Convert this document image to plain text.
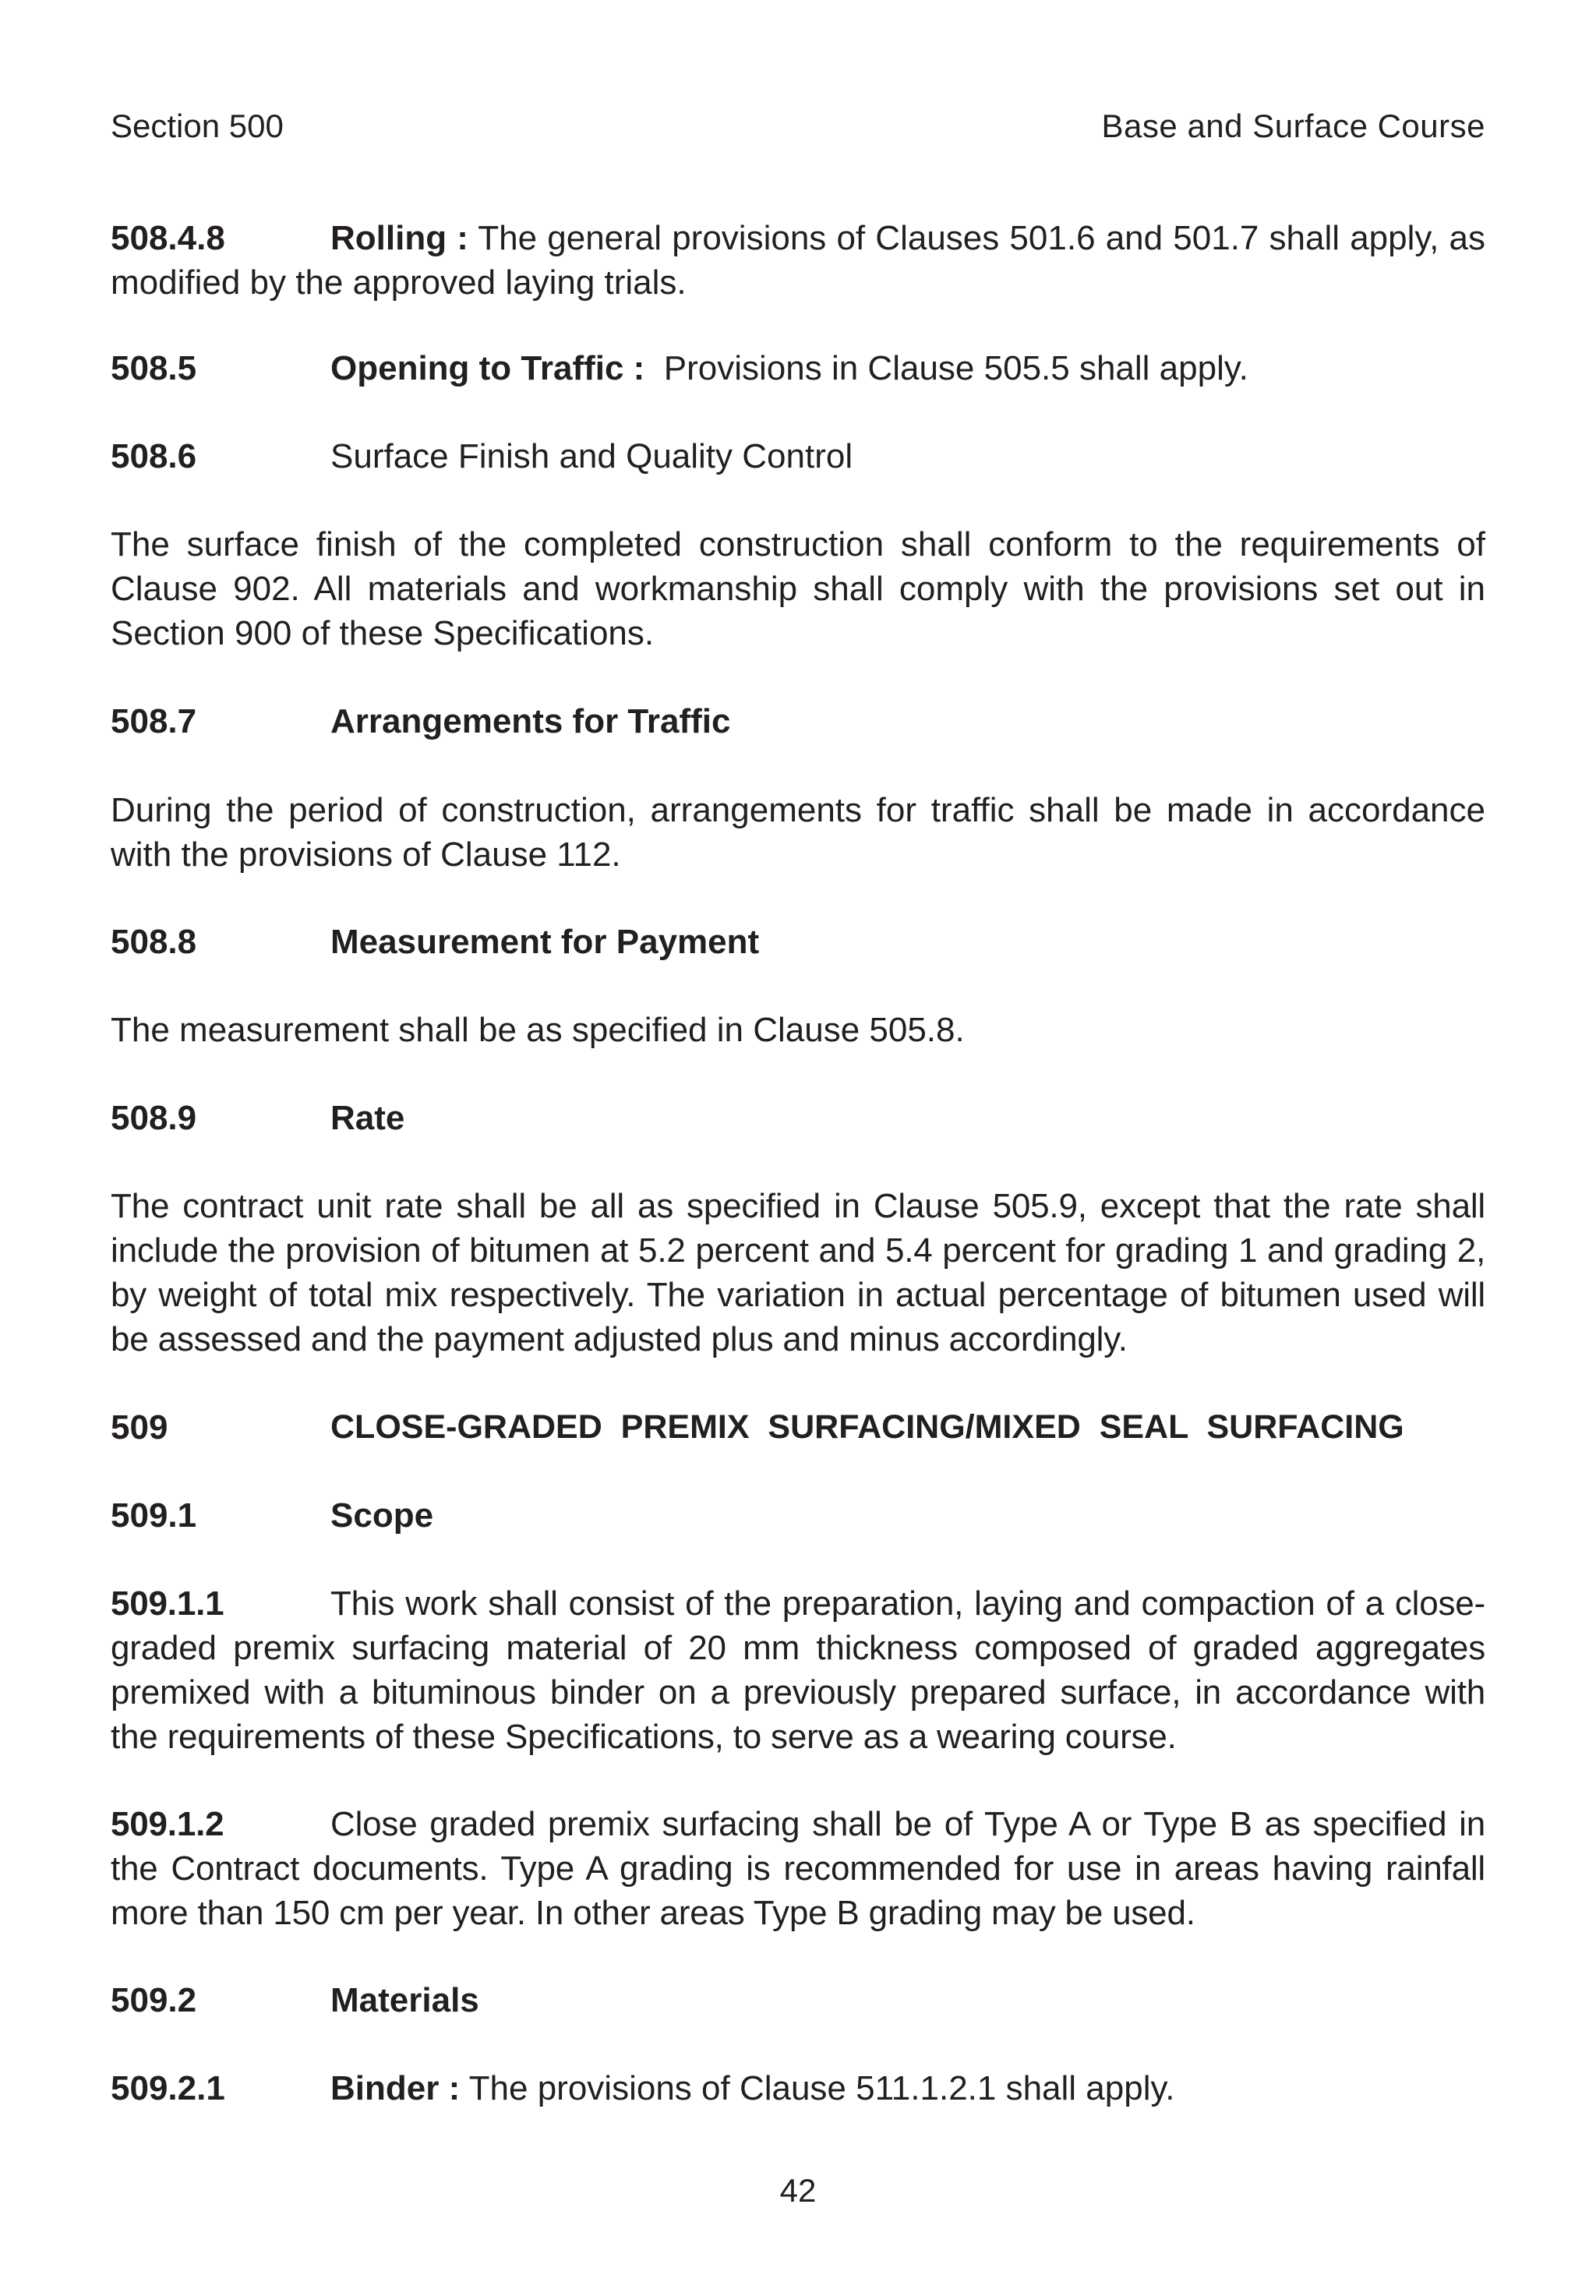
Section 500	Base and Surface Course
508.4.8	Rolling : The general provisions of Clauses 501.6 and 501.7 shall apply, as modified by the approved laying trials.
508.5	Opening to Traffic :  Provisions in Clause 505.5 shall apply.
508.6	Surface Finish and Quality Control
The surface finish of the completed construction shall conform to the requirements of Clause 902. All materials and workmanship shall comply with the provisions set out in Section 900 of these Specifications.
508.7	Arrangements for Traffic
During the period of construction, arrangements for traffic shall be made in accordance with the provisions of Clause 112.
508.8	Measurement for Payment
The measurement shall be as specified in Clause 505.8.
508.9	Rate
The contract unit rate shall be all as specified in Clause 505.9, except that the rate shall include the provision of bitumen at 5.2 percent and 5.4 percent for grading 1 and grading 2, by weight of total mix respectively. The variation in actual percentage of bitumen used will be assessed and the payment adjusted plus and minus accordingly.
509	CLOSE-GRADED  PREMIX  SURFACING/MIXED  SEAL  SURFACING
509.1	Scope
509.1.1	This work shall consist of the preparation, laying and compaction of a close-graded premix surfacing material of 20 mm thickness composed of graded aggregates premixed with a bituminous binder on a previously prepared surface, in accordance with the requirements of these Specifications, to serve as a wearing course.
509.1.2	Close graded premix surfacing shall be of Type A or Type B as specified in the Contract documents. Type A grading is recommended for use in areas having rainfall more than 150 cm per year. In other areas Type B grading may be used.
509.2	Materials
509.2.1	Binder : The provisions of Clause 511.1.2.1 shall apply.
42
